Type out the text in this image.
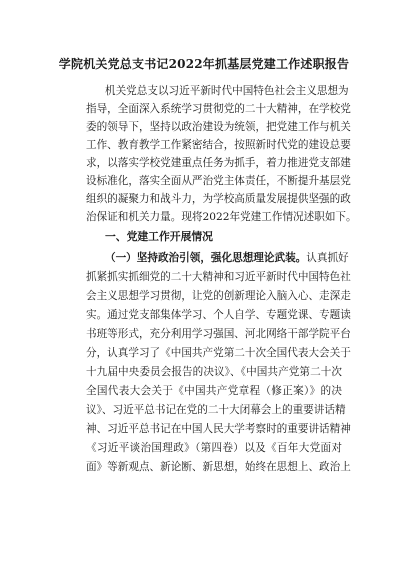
学院机关党总支书记2022年抓基层党建工作述职报告
机关党总支以习近平新时代中国特色社会主义思想为
指导，全面深入系统学习贯彻党的二十大精神，在学校党
委的领导下，坚持以政治建设为统领，把党建工作与机关
工作、教育教学工作紧密结合，按照新时代党的建设总要
求，以落实学校党建重点任务为抓手，着力推进党支部建
设标准化，落实全面从严治党主体责任，不断提升基层党
组织的凝聚力和战斗力，为学校高质量发展提供坚强的政
治保证和机关力量。现将2022年党建工作情况述职如下。
一、党建工作开展情况
（一）坚持政治引领，强化思想理论武装。认真抓好
抓紧抓实抓细党的二十大精神和习近平新时代中国特色社
会主义思想学习贯彻，让党的创新理论入脑入心、走深走
实。通过党支部集体学习、个人自学、专题党课、专题读
书班等形式，充分利用学习强国、河北网络干部学院平台
分，认真学习了《中国共产党第二十次全国代表大会关于
十九届中央委员会报告的决议》、《中国共产党第二十次
全国代表大会关于《中国共产党章程（修正案）》的决
议》、习近平总书记在党的二十大闭幕会上的重要讲话精
神、习近平总书记在中国人民大学考察时的重要讲话精神
《习近平谈治国理政》（第四卷）以及《百年大党面对
面》等新观点、新论断、新思想，始终在思想上、政治上
